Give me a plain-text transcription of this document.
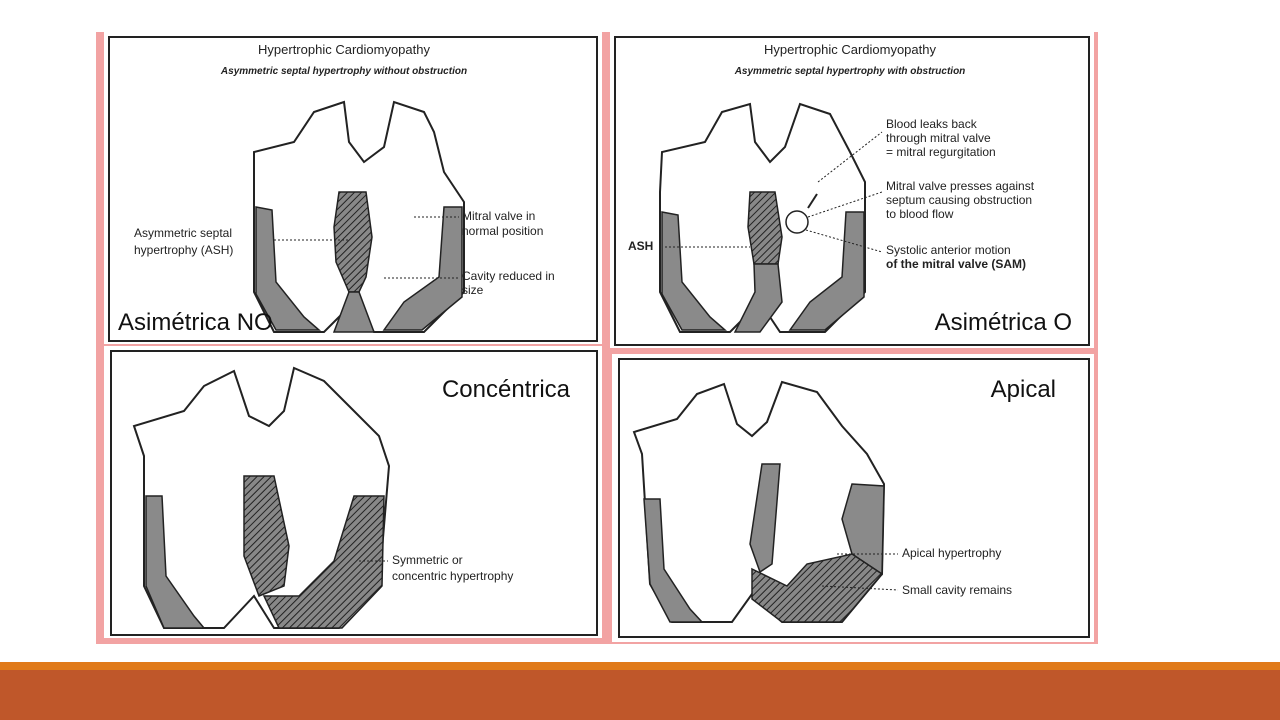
Hypertrophic Cardiomyopathy
Asymmetric septal hypertrophy without obstruction
Asymmetric septal
hypertrophy (ASH)
Mitral valve in
normal position
Cavity reduced in
size
Asimétrica NO
Hypertrophic Cardiomyopathy
Asymmetric septal hypertrophy with obstruction
ASH
Blood leaks back
through mitral valve
= mitral regurgitation
Mitral valve presses against
septum causing obstruction
to blood flow
Systolic anterior motion
of the mitral valve (SAM)
Asimétrica O
Symmetric or
concentric hypertrophy
Concéntrica
Apical hypertrophy
Small cavity remains
Apical
